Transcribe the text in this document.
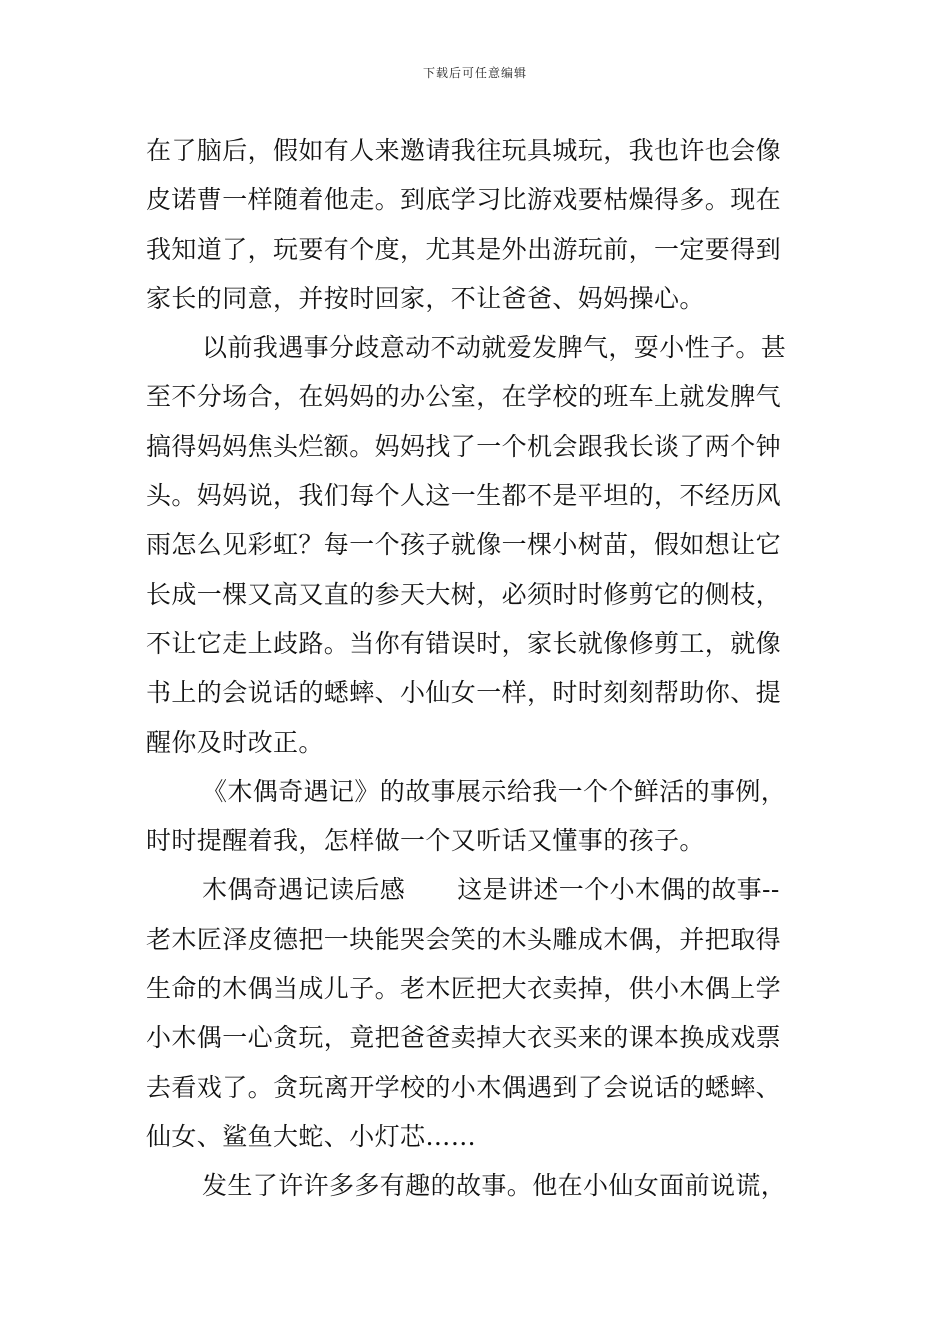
下载后可任意编辑
在了脑后，假如有人来邀请我往玩具城玩，我也许也会像
皮诺曹一样随着他走。到底学习比游戏要枯燥得多。现在
我知道了，玩要有个度，尤其是外出游玩前，一定要得到
家长的同意，并按时回家，不让爸爸、妈妈操心。
以前我遇事分歧意动不动就爱发脾气，耍小性子。甚
至不分场合，在妈妈的办公室，在学校的班车上就发脾气
搞得妈妈焦头烂额。妈妈找了一个机会跟我长谈了两个钟
头。妈妈说，我们每个人这一生都不是平坦的，不经历风
雨怎么见彩虹？每一个孩子就像一棵小树苗，假如想让它
长成一棵又高又直的参天大树，必须时时修剪它的侧枝，
不让它走上歧路。当你有错误时，家长就像修剪工，就像
书上的会说话的蟋蟀、小仙女一样，时时刻刻帮助你、提
醒你及时改正。
《木偶奇遇记》的故事展示给我一个个鲜活的事例，
时时提醒着我，怎样做一个又听话又懂事的孩子。
木偶奇遇记读后感 这是讲述一个小木偶的故事--
老木匠泽皮德把一块能哭会笑的木头雕成木偶，并把取得
生命的木偶当成儿子。老木匠把大衣卖掉，供小木偶上学
小木偶一心贪玩，竟把爸爸卖掉大衣买来的课本换成戏票
去看戏了。贪玩离开学校的小木偶遇到了会说话的蟋蟀、
仙女、鲨鱼大蛇、小灯芯……
发生了许许多多有趣的故事。他在小仙女面前说谎，
